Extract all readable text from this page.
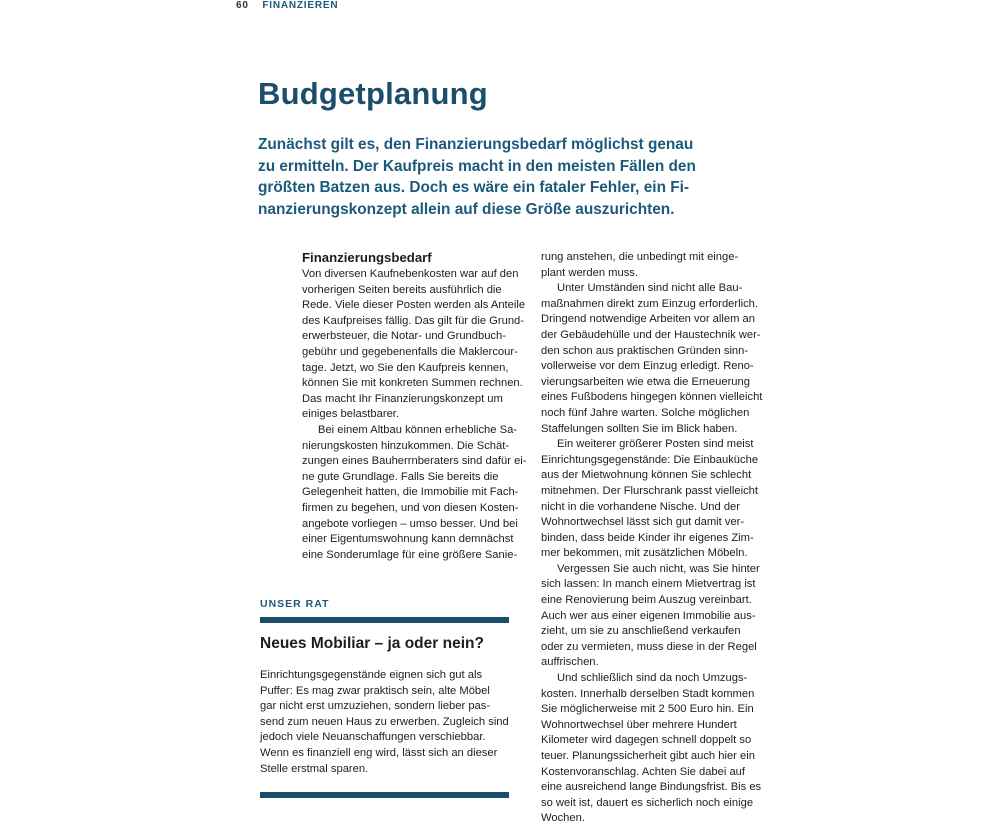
60 FINANZIEREN
Budgetplanung

Zunächst gilt es, den Finanzierungsbedarf möglichst genau
zu ermitteln. Der Kaufpreis macht in den meisten Fällen den
größten Batzen aus. Doch es wäre ein fataler Fehler, ein Fi-
nanzierungskonzept allein auf diese Größe auszurichten.

Finanzierungsbedarf
Von diversen Kaufnebenkosten war auf den
vorherigen Seiten bereits ausführlich die
Rede. Viele dieser Posten werden als Anteile
des Kaufpreises fällig. Das gilt für die Grund-
erwerbsteuer, die Notar- und Grundbuch-
gebühr und gegebenenfalls die Maklercour-
tage. Jetzt, wo Sie den Kaufpreis kennen,
können Sie mit konkreten Summen rechnen.
Das macht Ihr Finanzierungskonzept um
einiges belastbarer.
Bei einem Altbau können erhebliche Sa-
nierungskosten hinzukommen. Die Schät-
zungen eines Bauherrnberaters sind dafür ei-
ne gute Grundlage. Falls Sie bereits die
Gelegenheit hatten, die Immobilie mit Fach-
firmen zu begehen, und von diesen Kosten-
angebote vorliegen – umso besser. Und bei
einer Eigentumswohnung kann demnächst
eine Sonderumlage für eine größere Sanie-
rung anstehen, die unbedingt mit einge-
plant werden muss.
Unter Umständen sind nicht alle Bau-
maßnahmen direkt zum Einzug erforderlich.
Dringend notwendige Arbeiten vor allem an
der Gebäudehülle und der Haustechnik wer-
den schon aus praktischen Gründen sinn-
vollerweise vor dem Einzug erledigt. Reno-
vierungsarbeiten wie etwa die Erneuerung
eines Fußbodens hingegen können vielleicht
noch fünf Jahre warten. Solche möglichen
Staffelungen sollten Sie im Blick haben.
Ein weiterer größerer Posten sind meist
Einrichtungsgegenstände: Die Einbauküche
aus der Mietwohnung können Sie schlecht
mitnehmen. Der Flurschrank passt vielleicht
nicht in die vorhandene Nische. Und der
Wohnortwechsel lässt sich gut damit ver-
binden, dass beide Kinder ihr eigenes Zim-
mer bekommen, mit zusätzlichen Möbeln.
Vergessen Sie auch nicht, was Sie hinter
sich lassen: In manch einem Mietvertrag ist
eine Renovierung beim Auszug vereinbart.
Auch wer aus einer eigenen Immobilie aus-
zieht, um sie zu anschließend verkaufen
oder zu vermieten, muss diese in der Regel
auffrischen.
Und schließlich sind da noch Umzugs-
kosten. Innerhalb derselben Stadt kommen
Sie möglicherweise mit 2 500 Euro hin. Ein
Wohnortwechsel über mehrere Hundert
Kilometer wird dagegen schnell doppelt so
teuer. Planungssicherheit gibt auch hier ein
Kostenvoranschlag. Achten Sie dabei auf
eine ausreichend lange Bindungsfrist. Bis es
so weit ist, dauert es sicherlich noch einige
Wochen.
UNSER RAT
Neues Mobiliar – ja oder nein?
Einrichtungsgegenstände eignen sich gut als
Puffer: Es mag zwar praktisch sein, alte Möbel
gar nicht erst umzuziehen, sondern lieber pas-
send zum neuen Haus zu erwerben. Zugleich sind
jedoch viele Neuanschaffungen verschiebbar.
Wenn es finanziell eng wird, lässt sich an dieser
Stelle erstmal sparen.
